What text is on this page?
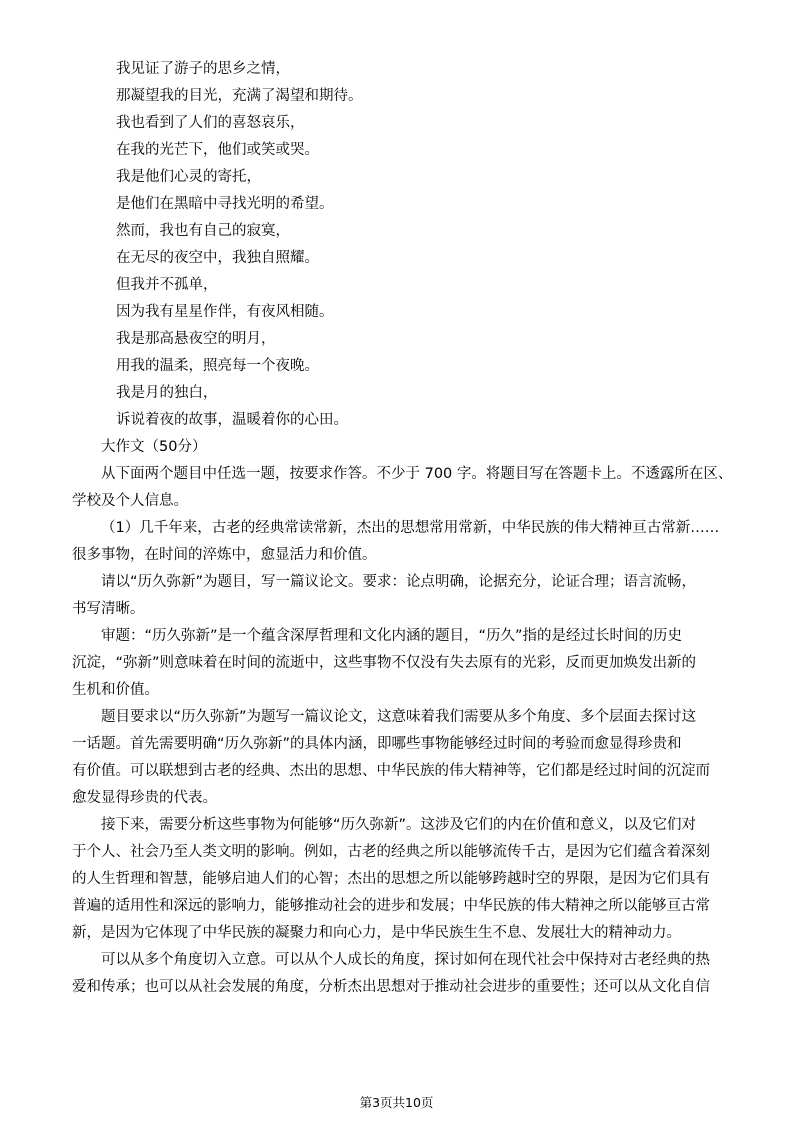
我见证了游子的思乡之情，
那凝望我的目光，充满了渴望和期待。
我也看到了人们的喜怒哀乐，
在我的光芒下，他们或笑或哭。
我是他们心灵的寄托，
是他们在黑暗中寻找光明的希望。
然而，我也有自己的寂寞，
在无尽的夜空中，我独自照耀。
但我并不孤单，
因为我有星星作伴，有夜风相随。
我是那高悬夜空的明月，
用我的温柔，照亮每一个夜晚。
我是月的独白，
诉说着夜的故事，温暖着你的心田。
大作文（50分）
从下面两个题目中任选一题，按要求作答。不少于 700 字。将题目写在答题卡上。不透露所在区、
学校及个人信息。
（1）几千年来，古老的经典常读常新，杰出的思想常用常新，中华民族的伟大精神亘古常新……
很多事物，在时间的淬炼中，愈显活力和价值。
请以“历久弥新”为题目，写一篇议论文。要求：论点明确，论据充分，论证合理；语言流畅，
书写清晰。
审题：“历久弥新”是一个蕴含深厚哲理和文化内涵的题目，“历久”指的是经过长时间的历史
沉淀，“弥新”则意味着在时间的流逝中，这些事物不仅没有失去原有的光彩，反而更加焕发出新的
生机和价值。
题目要求以“历久弥新”为题写一篇议论文，这意味着我们需要从多个角度、多个层面去探讨这
一话题。首先需要明确“历久弥新”的具体内涵，即哪些事物能够经过时间的考验而愈显得珍贵和
有价值。可以联想到古老的经典、杰出的思想、中华民族的伟大精神等，它们都是经过时间的沉淀而
愈发显得珍贵的代表。
接下来，需要分析这些事物为何能够“历久弥新”。这涉及它们的内在价值和意义，以及它们对
于个人、社会乃至人类文明的影响。例如，古老的经典之所以能够流传千古，是因为它们蕴含着深刻
的人生哲理和智慧，能够启迪人们的心智；杰出的思想之所以能够跨越时空的界限，是因为它们具有
普遍的适用性和深远的影响力，能够推动社会的进步和发展；中华民族的伟大精神之所以能够亘古常
新，是因为它体现了中华民族的凝聚力和向心力，是中华民族生生不息、发展壮大的精神动力。
可以从多个角度切入立意。可以从个人成长的角度，探讨如何在现代社会中保持对古老经典的热
爱和传承；也可以从社会发展的角度，分析杰出思想对于推动社会进步的重要性；还可以从文化自信
第3页共10页
